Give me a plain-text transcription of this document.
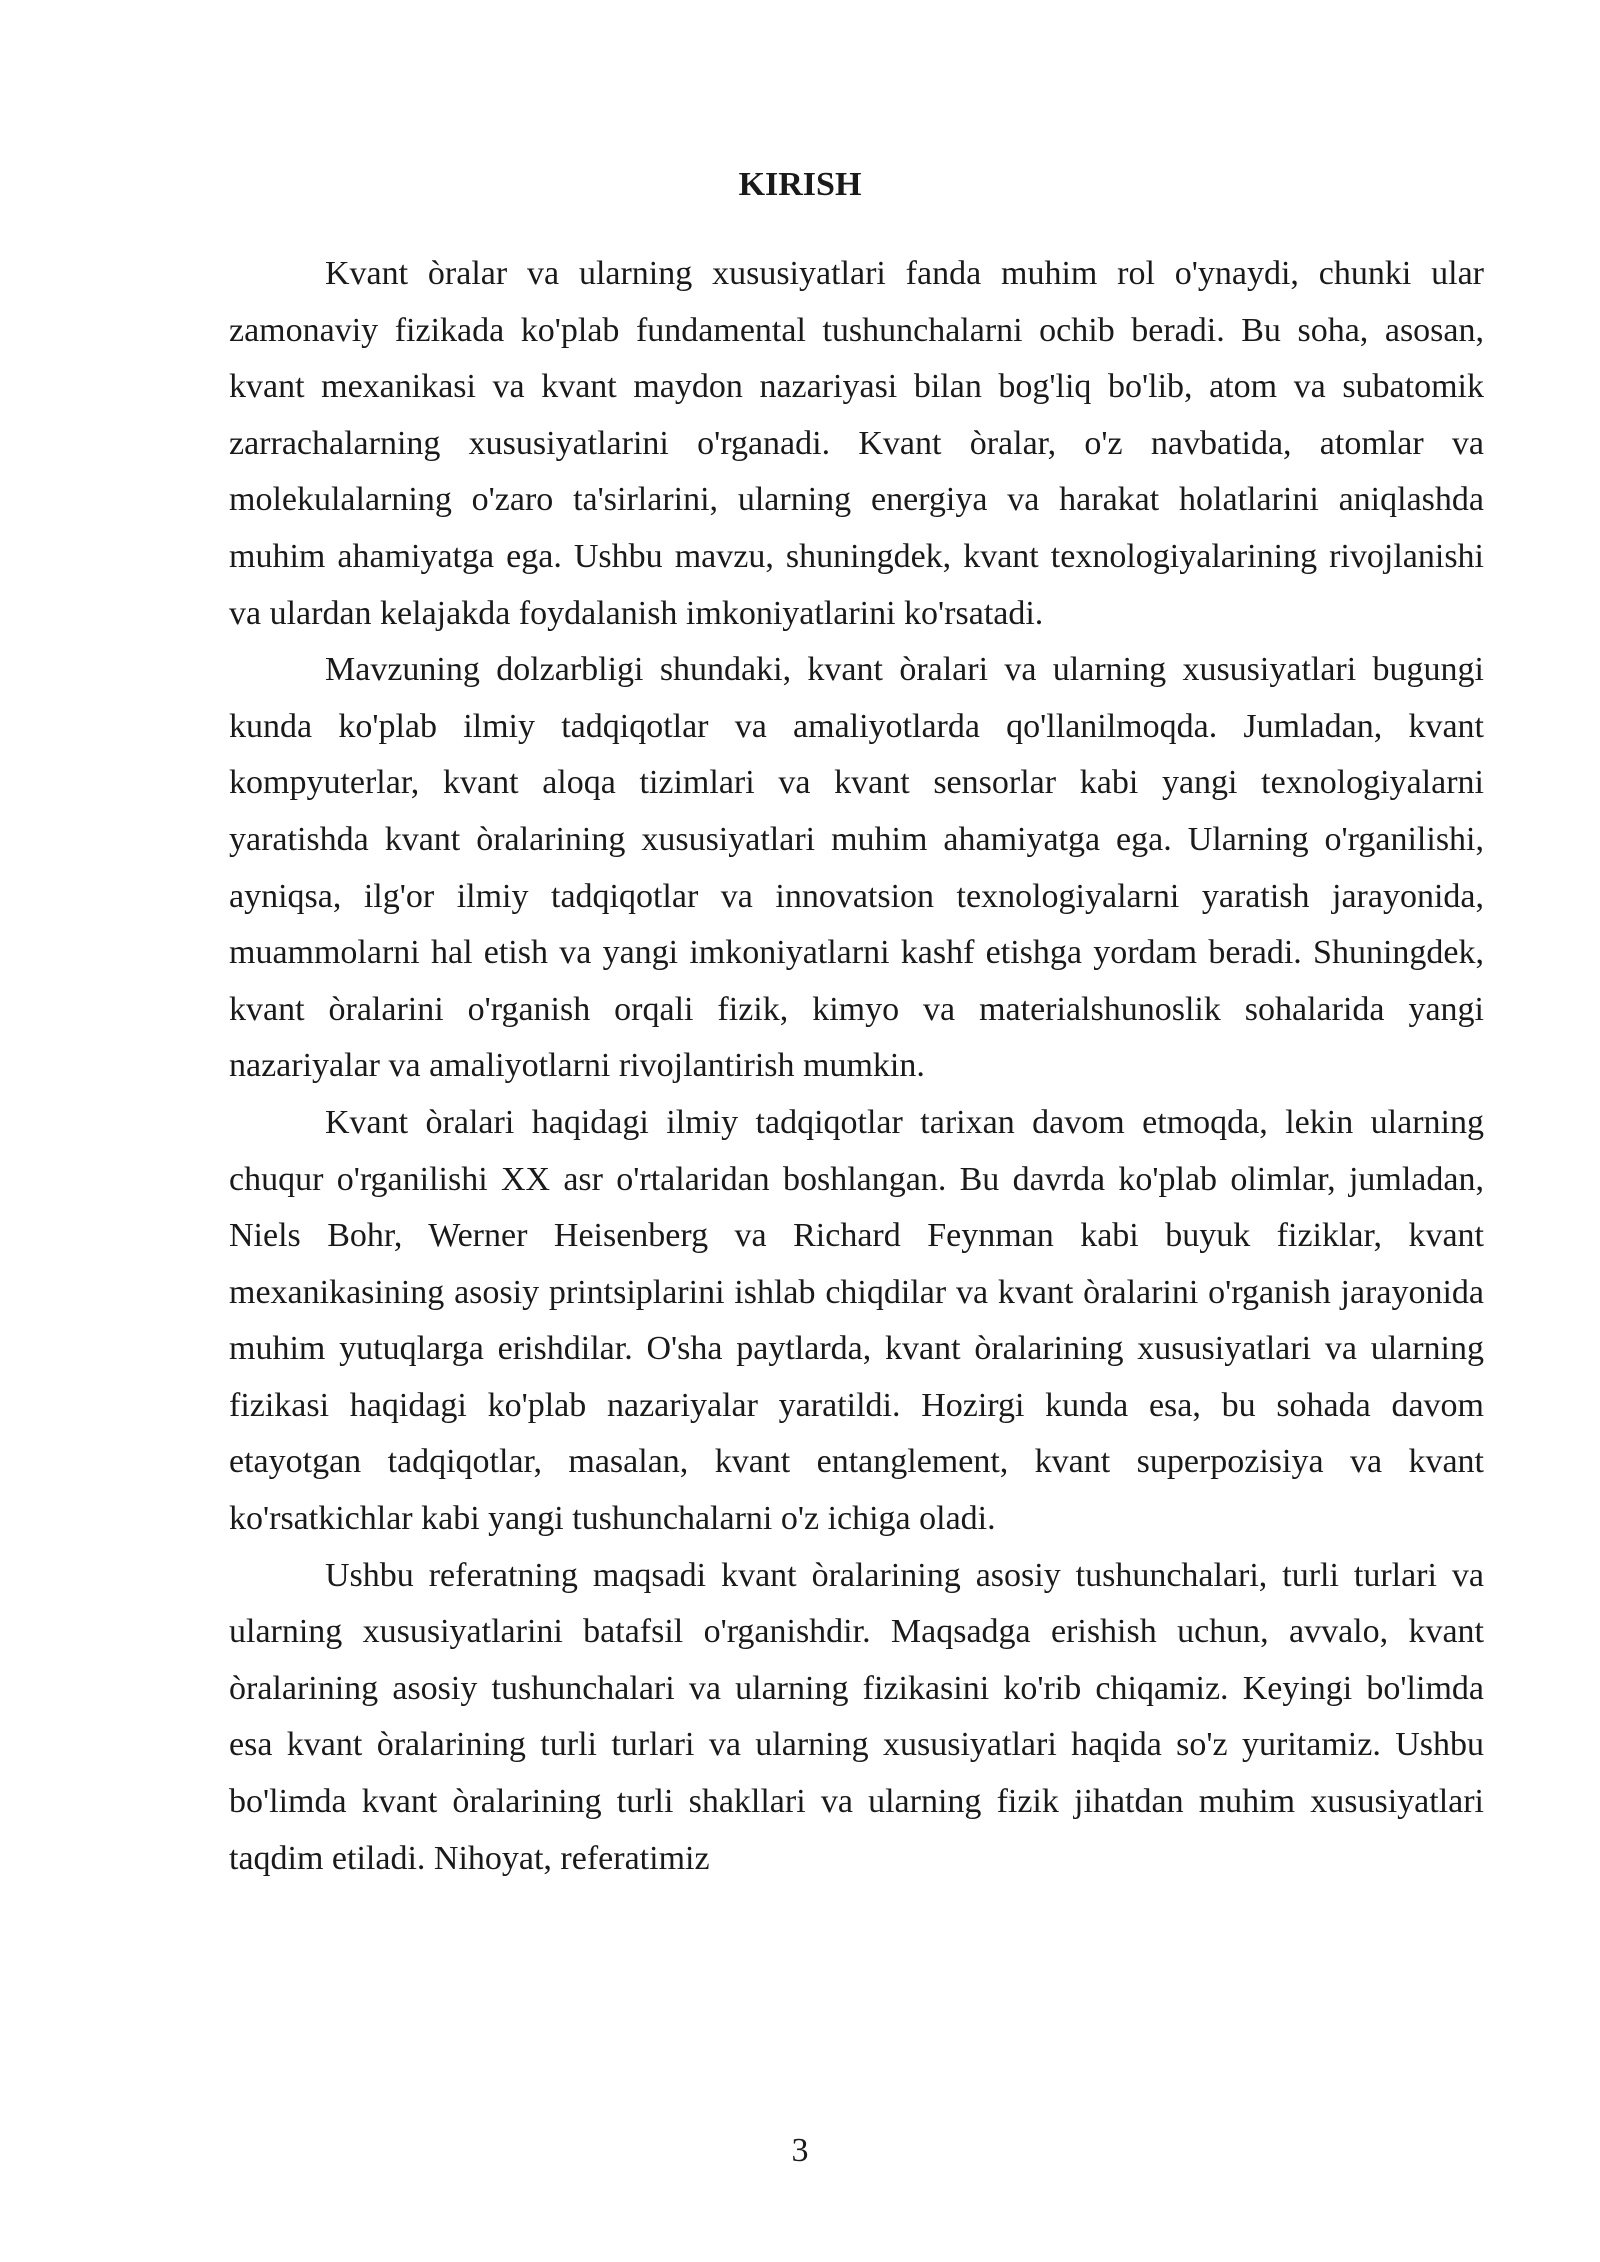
KIRISH

Kvant òralar va ularning xususiyatlari fanda muhim rol o'ynaydi, chunki ular zamonaviy fizikada ko'plab fundamental tushunchalarni ochib beradi. Bu soha, asosan, kvant mexanikasi va kvant maydon nazariyasi bilan bog'liq bo'lib, atom va subatomik zarrachalarning xususiyatlarini o'rganadi. Kvant òralar, o'z navbatida, atomlar va molekulalarning o'zaro ta'sirlarini, ularning energiya va harakat holatlarini aniqlashda muhim ahamiyatga ega. Ushbu mavzu, shuningdek, kvant texnologiyalarining rivojlanishi va ulardan kelajakda foydalanish imkoniyatlarini ko'rsatadi.

Mavzuning dolzarbligi shundaki, kvant òralari va ularning xususiyatlari bugungi kunda ko'plab ilmiy tadqiqotlar va amaliyotlarda qo'llanilmoqda. Jumladan, kvant kompyuterlar, kvant aloqa tizimlari va kvant sensorlar kabi yangi texnologiyalarni yaratishda kvant òralarining xususiyatlari muhim ahamiyatga ega. Ularning o'rganilishi, ayniqsa, ilg'or ilmiy tadqiqotlar va innovatsion texnologiyalarni yaratish jarayonida, muammolarni hal etish va yangi imkoniyatlarni kashf etishga yordam beradi. Shuningdek, kvant òralarini o'rganish orqali fizik, kimyo va materialshunoslik sohalarida yangi nazariyalar va amaliyotlarni rivojlantirish mumkin.

Kvant òralari haqidagi ilmiy tadqiqotlar tarixan davom etmoqda, lekin ularning chuqur o'rganilishi XX asr o'rtalaridan boshlangan. Bu davrda ko'plab olimlar, jumladan, Niels Bohr, Werner Heisenberg va Richard Feynman kabi buyuk fiziklar, kvant mexanikasining asosiy printsiplarini ishlab chiqdilar va kvant òralarini o'rganish jarayonida muhim yutuqlarga erishdilar. O'sha paytlarda, kvant òralarining xususiyatlari va ularning fizikasi haqidagi ko'plab nazariyalar yaratildi. Hozirgi kunda esa, bu sohada davom etayotgan tadqiqotlar, masalan, kvant entanglement, kvant superpozisiya va kvant ko'rsatkichlar kabi yangi tushunchalarni o'z ichiga oladi.

Ushbu referatning maqsadi kvant òralarining asosiy tushunchalari, turli turlari va ularning xususiyatlarini batafsil o'rganishdir. Maqsadga erishish uchun, avvalo, kvant òralarining asosiy tushunchalari va ularning fizikasini ko'rib chiqamiz. Keyingi bo'limda esa kvant òralarining turli turlari va ularning xususiyatlari haqida so'z yuritamiz. Ushbu bo'limda kvant òralarining turli shakllari va ularning fizik jihatdan muhim xususiyatlari taqdim etiladi. Nihoyat, referatimiz

3
